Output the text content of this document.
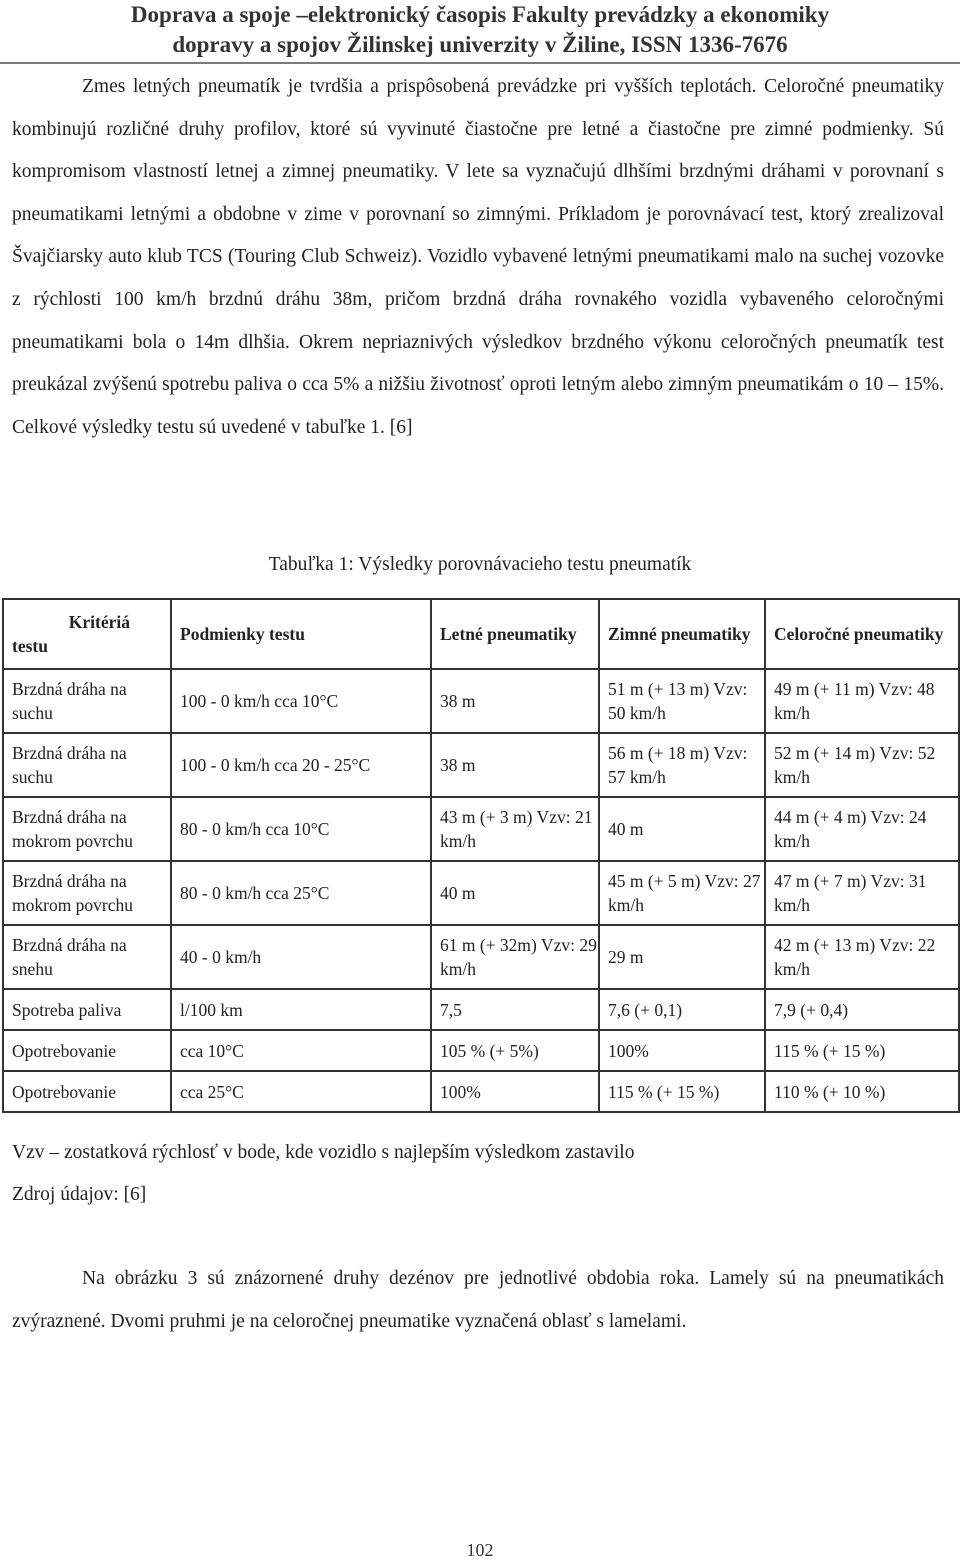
Doprava a spoje –elektronický časopis Fakulty prevádzky a ekonomiky
dopravy a spojov Žilinskej univerzity v Žiline, ISSN 1336-7676

Zmes letných pneumatík je tvrdšia a prispôsobená prevádzke pri vyšších teplotách. Celoročné pneumatiky kombinujú rozličné druhy profilov, ktoré sú vyvinuté čiastočne pre letné a čiastočne pre zimné podmienky. Sú kompromisom vlastností letnej a zimnej pneumatiky. V lete sa vyznačujú dlhšími brzdnými dráhami v porovnaní s pneumatikami letnými a obdobne v zime v porovnaní so zimnými. Príkladom je porovnávací test, ktorý zrealizoval Švajčiarsky auto klub TCS (Touring Club Schweiz). Vozidlo vybavené letnými pneumatikami malo na suchej vozovke z rýchlosti 100 km/h brzdnú dráhu 38m, pričom brzdná dráha rovnakého vozidla vybaveného celoročnými pneumatikami bola o 14m dlhšia. Okrem nepriaznivých výsledkov brzdného výkonu celoročných pneumatík test preukázal zvýšenú spotrebu paliva o cca 5% a nižšiu životnosť oproti letným alebo zimným pneumatikám o 10 – 15%. Celkové výsledky testu sú uvedené v tabuľke 1. [6]

Tabuľka 1: Výsledky porovnávacieho testu pneumatík
Kritériá
testu	Podmienky testu	Letné pneumatiky	Zimné pneumatiky	Celoročné pneumatiky
Brzdná dráha na suchu	100 - 0 km/h cca 10°C	38 m	51 m (+ 13 m) Vzv: 50 km/h	49 m (+ 11 m) Vzv: 48 km/h
Brzdná dráha na suchu	100 - 0 km/h cca 20 - 25°C	38 m	56 m (+ 18 m) Vzv: 57 km/h	52 m (+ 14 m) Vzv: 52 km/h
Brzdná dráha na mokrom povrchu	80 - 0 km/h cca 10°C	43 m (+ 3 m) Vzv: 21 km/h	40 m	44 m (+ 4 m) Vzv: 24 km/h
Brzdná dráha na mokrom povrchu	80 - 0 km/h cca 25°C	40 m	45 m (+ 5 m) Vzv: 27 km/h	47 m (+ 7 m) Vzv: 31 km/h
Brzdná dráha na snehu	40 - 0 km/h	61 m (+ 32m) Vzv: 29 km/h	29 m	42 m (+ 13 m) Vzv: 22 km/h
Spotreba paliva	l/100 km	7,5	7,6 (+ 0,1)	7,9 (+ 0,4)
Opotrebovanie	cca 10°C	105 % (+ 5%)	100%	115 % (+ 15 %)
Opotrebovanie	cca 25°C	100%	115 % (+ 15 %)	110 % (+ 10 %)
Vzv – zostatková rýchlosť v bode, kde vozidlo s najlepším výsledkom zastavilo
Zdroj údajov: [6]

Na obrázku 3 sú znázornené druhy dezénov pre jednotlivé obdobia roka. Lamely sú na pneumatikách zvýraznené. Dvomi pruhmi je na celoročnej pneumatike vyznačená oblasť s lamelami.

102
